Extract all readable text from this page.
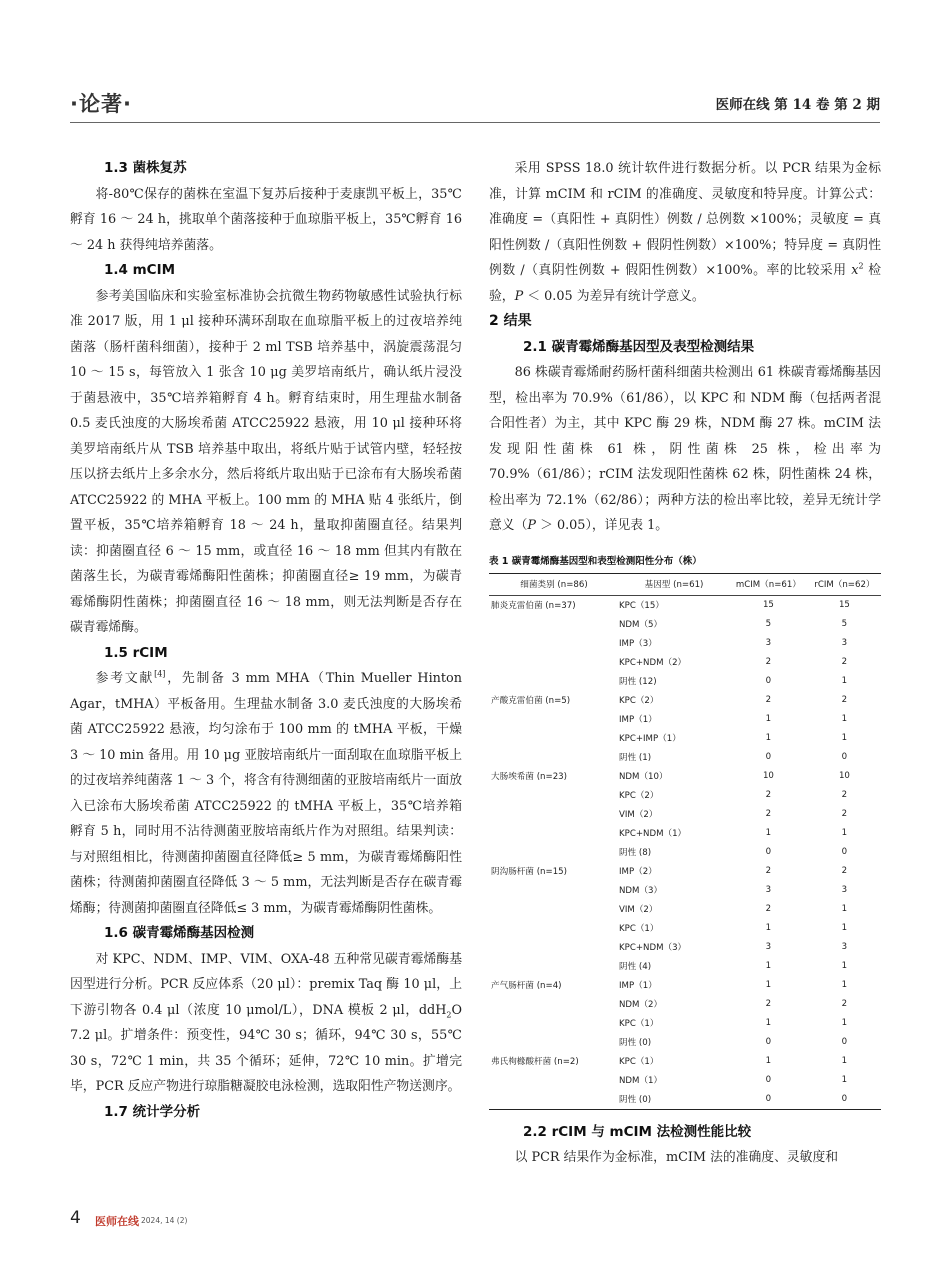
·论著·	医师在线 第 14 卷 第 2 期
1.3 菌株复苏

将-80℃保存的菌株在室温下复苏后接种于麦康凯平板上，35℃孵育 16 ～ 24 h，挑取单个菌落接种于血琼脂平板上，35℃孵育 16 ～ 24 h 获得纯培养菌落。

1.4 mCIM

参考美国临床和实验室标准协会抗微生物药物敏感性试验执行标准 2017 版，用 1 μl 接种环满环刮取在血琼脂平板上的过夜培养纯菌落（肠杆菌科细菌），接种于 2 ml TSB 培养基中，涡旋震荡混匀 10 ～ 15 s，每管放入 1 张含 10 μg 美罗培南纸片，确认纸片浸没于菌悬液中，35℃培养箱孵育 4 h。孵育结束时，用生理盐水制备 0.5 麦氏浊度的大肠埃希菌 ATCC25922 悬液，用 10 μl 接种环将美罗培南纸片从 TSB 培养基中取出，将纸片贴于试管内壁，轻轻按压以挤去纸片上多余水分，然后将纸片取出贴于已涂布有大肠埃希菌 ATCC25922 的 MHA 平板上。100 mm 的 MHA 贴 4 张纸片，倒置平板，35℃培养箱孵育 18 ～ 24 h，量取抑菌圈直径。结果判读：抑菌圈直径 6 ～ 15 mm，或直径 16 ～ 18 mm 但其内有散在菌落生长，为碳青霉烯酶阳性菌株；抑菌圈直径≥ 19 mm，为碳青霉烯酶阴性菌株；抑菌圈直径 16 ～ 18 mm，则无法判断是否存在碳青霉烯酶。

1.5 rCIM

参考文献[4]，先制备 3 mm MHA（Thin Mueller Hinton Agar，tMHA）平板备用。生理盐水制备 3.0 麦氏浊度的大肠埃希菌 ATCC25922 悬液，均匀涂布于 100 mm 的 tMHA 平板，干燥 3 ～ 10 min 备用。用 10 μg 亚胺培南纸片一面刮取在血琼脂平板上的过夜培养纯菌落 1 ～ 3 个，将含有待测细菌的亚胺培南纸片一面放入已涂布大肠埃希菌 ATCC25922 的 tMHA 平板上，35℃培养箱孵育 5 h，同时用不沾待测菌亚胺培南纸片作为对照组。结果判读：与对照组相比，待测菌抑菌圈直径降低≥ 5 mm，为碳青霉烯酶阳性菌株；待测菌抑菌圈直径降低 3 ～ 5 mm，无法判断是否存在碳青霉烯酶；待测菌抑菌圈直径降低≤ 3 mm，为碳青霉烯酶阴性菌株。

1.6 碳青霉烯酶基因检测

对 KPC、NDM、IMP、VIM、OXA-48 五种常见碳青霉烯酶基因型进行分析。PCR 反应体系（20 μl）：premix Taq 酶 10 μl，上下游引物各 0.4 μl（浓度 10 μmol/L），DNA 模板 2 μl，ddH$_2$O 7.2 μl。扩增条件：预变性，94℃ 30 s；循环，94℃ 30 s，55℃ 30 s，72℃ 1 min，共 35 个循环；延伸，72℃ 10 min。扩增完毕，PCR 反应产物进行琼脂糖凝胶电泳检测，选取阳性产物送测序。

1.7 统计学分析

采用 SPSS 18.0 统计软件进行数据分析。以 PCR 结果为金标准，计算 mCIM 和 rCIM 的准确度、灵敏度和特异度。计算公式：准确度 =（真阳性 + 真阴性）例数 / 总例数 ×100%；灵敏度 = 真阳性例数 /（真阳性例数 + 假阴性例数）×100%；特异度 = 真阴性例数 /（真阴性例数 + 假阳性例数）×100%。率的比较采用 $x^2$ 检验，P ＜ 0.05 为差异有统计学意义。

2 结果
2.1 碳青霉烯酶基因型及表型检测结果

86 株碳青霉烯耐药肠杆菌科细菌共检测出 61 株碳青霉烯酶基因型，检出率为 70.9%（61/86），以 KPC 和 NDM 酶（包括两者混合阳性者）为主，其中 KPC 酶 29 株，NDM 酶 27 株。mCIM 法发现阳性菌株 61 株，阴性菌株 25 株，检出率为 70.9%（61/86）；rCIM 法发现阳性菌株 62 株，阴性菌株 24 株，检出率为 72.1%（62/86）；两种方法的检出率比较，差异无统计学意义（P ＞ 0.05），详见表 1。

表 1 碳青霉烯酶基因型和表型检测阳性分布（株）
细菌类别 (n=86)	基因型 (n=61)	mCIM（n=61）	rCIM（n=62）
肺炎克雷伯菌 (n=37)	KPC（15）	15	15
	NDM（5）	5	5
	IMP（3）	3	3
	KPC+NDM（2）	2	2
	阴性 (12)	0	1
产酸克雷伯菌 (n=5)	KPC（2）	2	2
	IMP（1）	1	1
	KPC+IMP（1）	1	1
	阴性 (1)	0	0
大肠埃希菌 (n=23)	NDM（10）	10	10
	KPC（2）	2	2
	VIM（2）	2	2
	KPC+NDM（1）	1	1
	阴性 (8)	0	0
阴沟肠杆菌 (n=15)	IMP（2）	2	2
	NDM（3）	3	3
	VIM（2）	2	1
	KPC（1）	1	1
	KPC+NDM（3）	3	3
	阴性 (4)	1	1
产气肠杆菌 (n=4)	IMP（1）	1	1
	NDM（2）	2	2
	KPC（1）	1	1
	阴性 (0)	0	0
弗氏枸橼酸杆菌 (n=2)	KPC（1）	1	1
	NDM（1）	0	1
	阴性 (0)	0	0
2.2 rCIM 与 mCIM 法检测性能比较

以 PCR 结果作为金标准，mCIM 法的准确度、灵敏度和

4 医师在线 2024, 14 (2)
